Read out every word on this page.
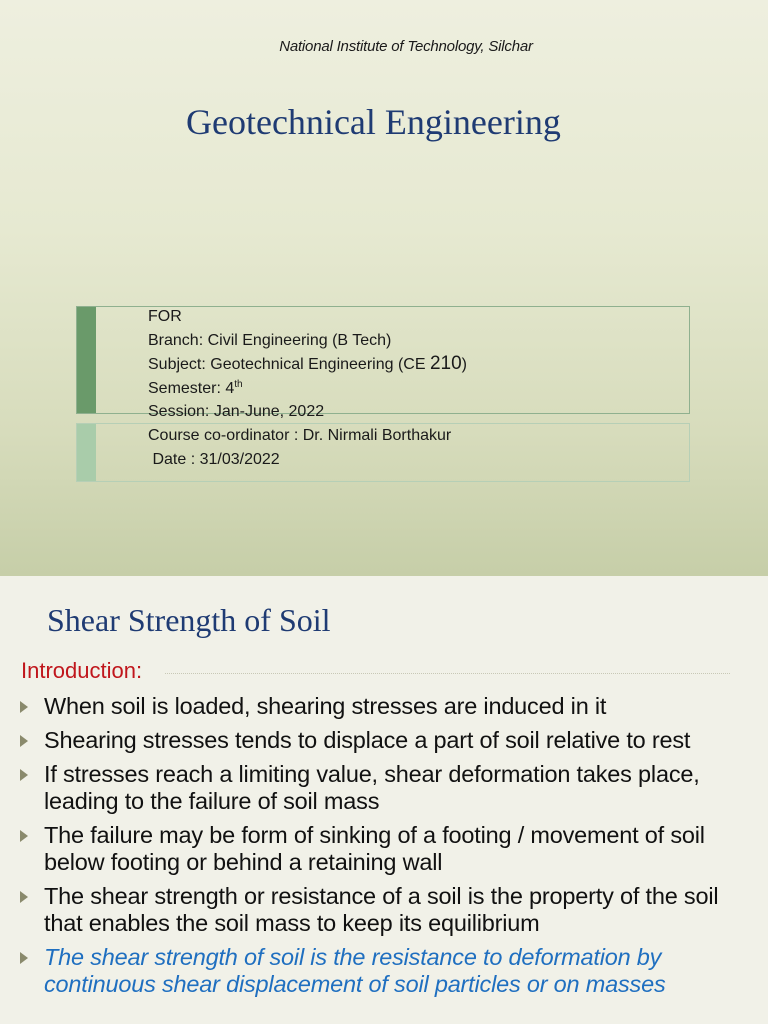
National Institute of Technology, Silchar
Geotechnical Engineering
FOR
Branch: Civil Engineering (B Tech)
Subject: Geotechnical Engineering (CE 210)
Semester: 4th
Session: Jan-June, 2022
Course co-ordinator : Dr. Nirmali Borthakur
Date : 31/03/2022
Shear Strength of Soil
Introduction:
When soil is loaded, shearing stresses are induced in it
Shearing stresses tends to displace a part of soil relative to rest
If stresses reach a limiting value, shear deformation takes place, leading to the failure of soil mass
The failure may be form of sinking of a footing / movement of soil below footing or behind a retaining wall
The shear strength or resistance of a soil is the property of the soil that enables the soil mass to keep its equilibrium
The shear strength of soil is the resistance to deformation by continuous shear displacement of soil particles or on masses
